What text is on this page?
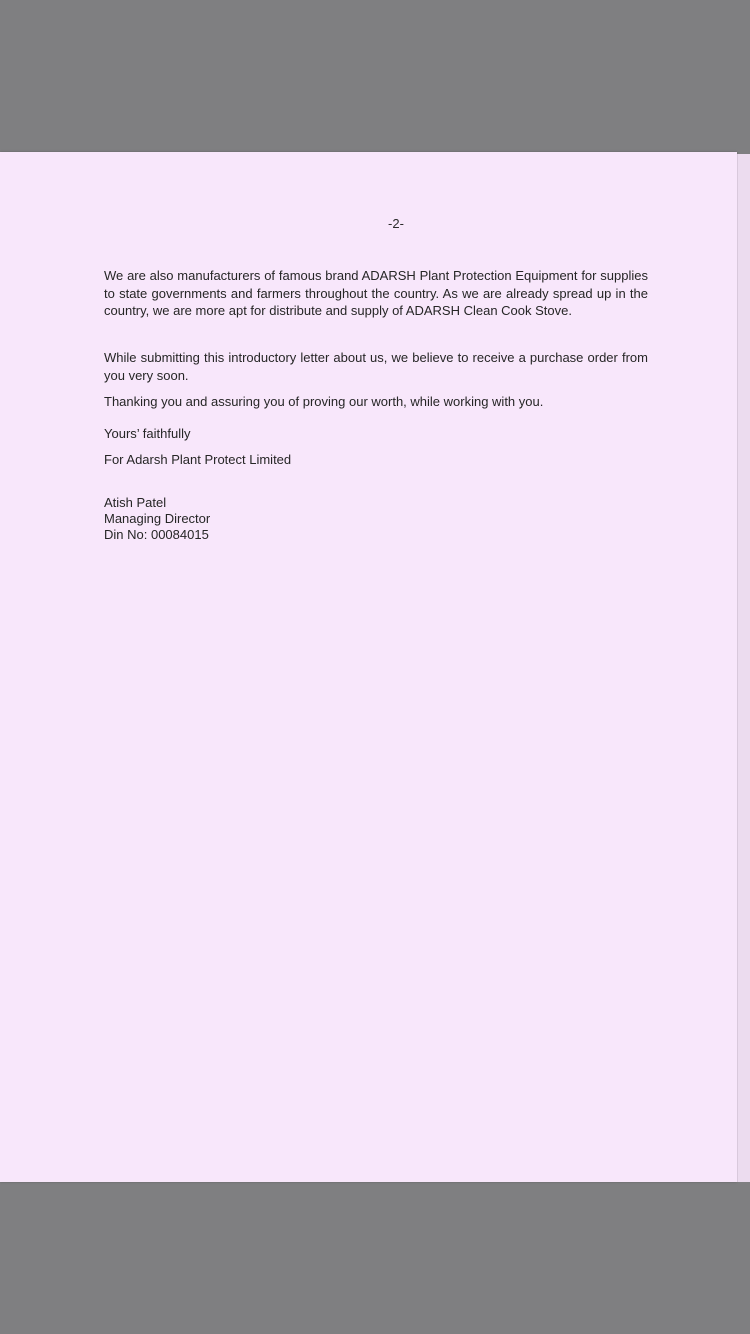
-2-
We are also manufacturers of famous brand ADARSH Plant Protection Equipment for supplies to state governments and farmers throughout the country. As we are already spread up in the country, we are more apt for distribute and supply of ADARSH Clean Cook Stove.
While submitting this introductory letter about us, we believe to receive a purchase order from you very soon.
Thanking you and assuring you of proving our worth, while working with you.
Yours’ faithfully
For Adarsh Plant Protect Limited
Atish Patel
Managing Director
Din No: 00084015
